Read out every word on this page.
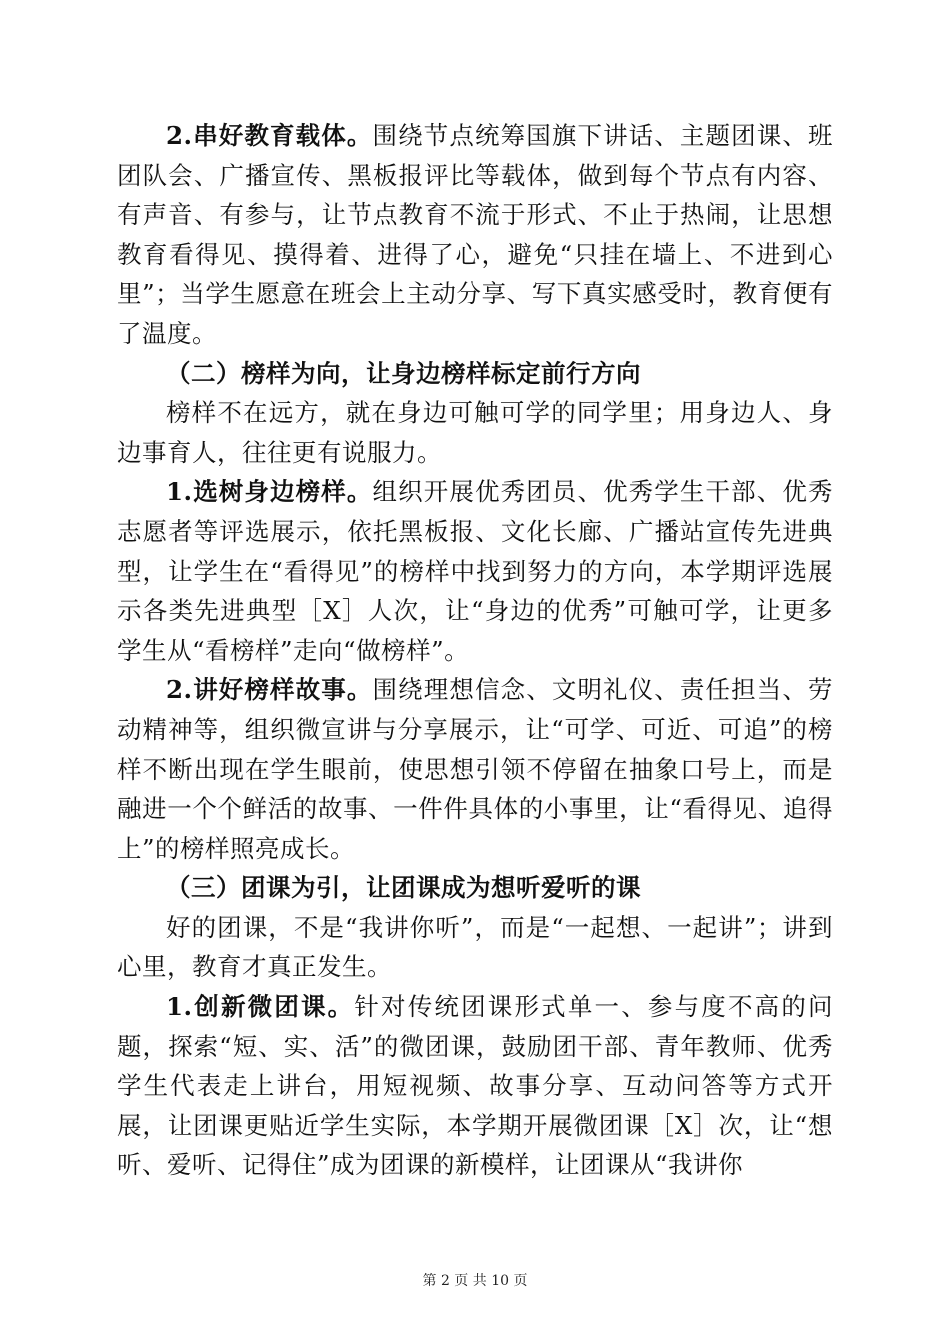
2.串好教育载体。围绕节点统筹国旗下讲话、主题团课、班团队会、广播宣传、黑板报评比等载体，做到每个节点有内容、有声音、有参与，让节点教育不流于形式、不止于热闹，让思想教育看得见、摸得着、进得了心，避免“只挂在墙上、不进到心里”；当学生愿意在班会上主动分享、写下真实感受时，教育便有了温度。

（二）榜样为向，让身边榜样标定前行方向

榜样不在远方，就在身边可触可学的同学里；用身边人、身边事育人，往往更有说服力。

1.选树身边榜样。组织开展优秀团员、优秀学生干部、优秀志愿者等评选展示，依托黑板报、文化长廊、广播站宣传先进典型，让学生在“看得见”的榜样中找到努力的方向，本学期评选展示各类先进典型［X］人次，让“身边的优秀”可触可学，让更多学生从“看榜样”走向“做榜样”。

2.讲好榜样故事。围绕理想信念、文明礼仪、责任担当、劳动精神等，组织微宣讲与分享展示，让“可学、可近、可追”的榜样不断出现在学生眼前，使思想引领不停留在抽象口号上，而是融进一个个鲜活的故事、一件件具体的小事里，让“看得见、追得上”的榜样照亮成长。

（三）团课为引，让团课成为想听爱听的课

好的团课，不是“我讲你听”，而是“一起想、一起讲”；讲到心里，教育才真正发生。

1.创新微团课。针对传统团课形式单一、参与度不高的问题，探索“短、实、活”的微团课，鼓励团干部、青年教师、优秀学生代表走上讲台，用短视频、故事分享、互动问答等方式开展，让团课更贴近学生实际，本学期开展微团课［X］次，让“想听、爱听、记得住”成为团课的新模样，让团课从“我讲你

第 2 页 共 10 页
